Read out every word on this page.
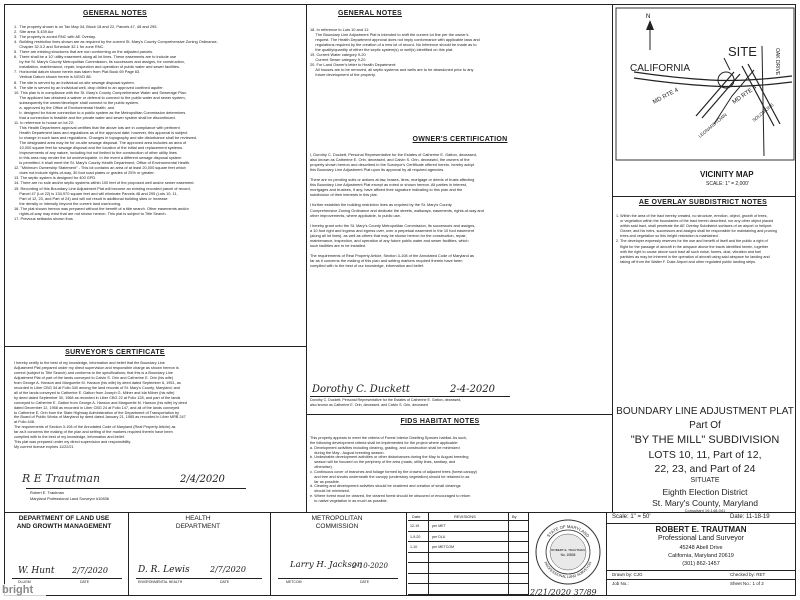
GENERAL NOTES
1.  The property shown is on Tax Map 34, Block 18 and 22, Parcels 47, 48 and 295.
2.  Site area: 5.439 Acr
3.  The property is zoned RNC with AE Overlay.
4.  Building restriction lines shown are as required by the current St. Mary's County Comprehensive Zoning Ordinance,
Chapter 32.3.2 and Schedule 32.1 for zone RNC.
5.  There are existing structures that are non conforming on the adjusted parcels.
6.  There shall be a 10' utility easement along all lot lines. These easements are to include use
by the St. Mary's County Metropolitan Commission, its successors and assigns, for construction,
installation, maintenance, repair, inspection and operation of public water and sewer facilities.
7.  Horizontal datum shown herein was taken from Plat Book 69 Page 63.
Vertical Datum shown herein is NGVD 88.
8.  The site is served by an individual on-site sewage disposal system.
9.  The site is served by an individual well, drop drilled to an approved confined aquifer.
10. This plan is in compliance with the St. Mary's County Comprehensive Water and Sewerage Plan.
The applicant has obtained a waiver or deferral to connect to the public water and sewer system,
subsequently the owner/developer shall connect to the public system.
a. approved by the Office of Environmental Health; and
b. designed for future connection to a public system as the Metropolitan Commission determines
that a connection is feasible and the private water and sewer system shall be discontinued.
11. In reference to house on lot 22:
This Health Department approval certifies that the above lots are in compliance with pertinent
Health Department laws and regulations as of the approval date; however, this approval is subject
to change in such laws and regulations. Changes in topography and site disturbance shall be reviewed.
The designated area may be for on-site sewage disposal. The approved area includes an area of
10,000 square feet for sewage disposal and the location of the initial and replacement systems.
Improvements of any nature, including but not limited to the construction of other utility lines
in this area may render the lot undevelopable. In the event a different sewage disposal system
is permitted, it shall meet the St. Mary's County Health Department, Office of Environmental Health.
12. "Minimum Ownership Statement" - This lot contains an area of at least 20,000 square feet which
does not include rights-of-way, 30 foot road plates or grades of 25% or greater.
13. The septic system is designed for 400 GPD.
14. There are no sole and/or septic systems within 100 feet of the proposed well and/or sewer easement.
15. Recording of this Boundary Line Adjustment Plat will become an existing recorded parcel of record,
Parcel 47 (Lot 22) is 134,970 square feet and will eliminate Parcels 48 and 295 (Lots 10, 11,
Part of 12, 23, and Part of 24) and will not result in additional building sites or increase
the density or intensity beyond the current land use/zoning.
16. The plat shown hereon was prepared without the benefit of a title search. Other easements and/or
rights-of-way may exist that are not shown hereon. This plat is subject to Title Search.
17. Previous setbacks shown thus
SURVEYOR'S CERTIFICATE
I hereby certify to the best of my knowledge, information and belief that the Boundary Line
Adjustment Plat prepared under my direct supervision and responsible charge as shown hereon is
correct (subject to Title Search) and conforms to the specifications; that this is a Boundary Line
Adjustment Plat of part of the lands conveyed to Calvin S. Orin and Catherine E. Orin (his wife)
from George A. Hanson and Marguerite M. Hanson (his wife) by deed dated September 6, 1951, as
recorded in Liber CBG 34 at Folio 340 among the land records of St. Mary's County, Maryland; and
all of the lands conveyed to Catherine E. Gatton from Joseph G. Milner and Ida Milner (his wife)
by deed dated September 30, 1968 as recorded in Liber CBG 22 at Folio 128, and part of the lands
conveyed to Catherine E. Gatton from George A. Hanson and Marguerite M. Hanson (his wife) by deed
dated December 12, 1958 as recorded in Liber CBG 24 at Folio 147, and all of the lands conveyed
to Catherine E. Orin from the State Highway Administration of the Department of Transportation by
the Board of Public Works of Maryland by deed dated January 21, 1985 as recorded in Liber MRB 247
at Folio 448.
The requirements of Section 3-108 of the Annotated Code of Maryland (Real Property Article) as
far as it concerns the making of the plan and setting of the markers required therein have been
complied with to the best of my knowledge, information and belief.
This plat was prepared under my direct supervision and responsibility.
My current license expires 11/22/21
R E Trautman	2/4/2020
Robert E. Trautman
Maryland Professional Land Surveyor #10836
GENERAL NOTES
18. In reference to Lots 10 and 11:
The Boundary Line Adjustment Plat is intended to shift the current lot line per the owner's
request. The Health Department approval does not imply conformance with applicable laws and
regulations required by the creation of a new lot of record. No Inference should be made as to
the quality/quantity of either the septic system(s) or well(s) identified on this plat.
19. Current Water category 9-20
Current Sewer category 9-20
20. For Land Owner's letter to Health Department:
All houses are to be removed, all septic systems and wells are to be abandoned prior to any
future development of the property.
OWNER'S CERTIFICATION
I, Dorothy C. Duckett, Personal Representative for the Estates of Catherine E. Gatton, deceased,
also known as Catherine E. Orin, deceased, and Calvin S. Orin, deceased, the owners of the
property shown hereon and described in the Surveyor's Certificate offered hereto, hereby adopt
this Boundary Line Adjustment Plat upon its approval by all required agencies.

There are no pending suits or actions at law, leases, liens, mortgage or deeds of trusts affecting
this Boundary Line Adjustment Plat except as noted or shown hereon. All parties in interest,
mortgages and trustees, if any, have affixed their signature indicating to this plan and the
subdivision of their interests in this plat.

I further establish the building restriction lines as required by the St. Mary's County
Comprehensive Zoning Ordinance and dedicate the streets, walkways, easements, rights-of-way and
other improvements, where applicable, to public use.

I hereby grant unto the St. Mary's County Metropolitan Commission, its successors and assigns,
a 10 foot right and ingress and egress over, over a perpetual easement in the 10 foot easement
(along all lot lines), as well as others that may be shown hereon for the construction, repair,
maintenance, inspection, and operation of any future public water and sewer facilities, which
such facilities are to be installed.

The requirements of Real Property Article, Section 3-108 of the Annotated Code of Maryland as
far as it concerns the making of this plan and setting markers required therein have been
complied with to the best of our knowledge, information and belief.
Dorothy C. Duckett	2-4-2020
Dorothy C. Duckett, Personal Representative for the Estates of Catherine E. Gatton, deceased,
also known as Catherine E. Orin, deceased, and Calvin S. Orin, deceased
FIDS HABITAT NOTES
This property appears to meet the criteria of Forest Interior Dwelling Species habitat. As such,
the following development criteria shall be implemented for the project where applicable:
a. Development activities including clearing, grading, and construction shall be minimized
during the May - August breeding season.
b. Undesirable development activities or other disturbances during the May to August breeding
season will be focused on the periphery of the area (roads, utility lines, sanitary, and
otherwise).
c. Continuous cover of branches and foliage formed by the crowns of adjacent trees (forest canopy)
and tree and shrubs underneath the canopy (understory vegetation) should be retained in as
far as possible.
d. Clearing and development activities should be clustered and creation of small clearings
should be minimized.
e. Where forest must be cleared, the cleared forest should be obscured or encouraged to return
to native vegetation in as much as possible.
N
SITE
CALIFORNIA
MD RTE 4	MD RTE 4
LEONARDTOWN	SOLOMONS
OAK DRIVE
VICINITY MAP
SCALE: 1" = 2,000'
AE OVERLAY SUBDISTRICT NOTES
1. Within the area of the tract hereby created, no structure, erection, object, growth of trees,
or vegetation within the boundaries of the tract herein described, nor any other object placed
within said tract, shall penetrate the AE Overlay Subdistrict surfaces of an airport or heliport.
Owner, and his heirs, successors and assigns shall be responsible for maintaining and pruning
trees and vegetation so this height restriction is maintained.
2. The developer expressly reserves for the use and benefit of itself and the public a right of
flight for the passage of aircraft in the airspace above the tracts identified herein, together
with the right to cause above such tract all such noise, fumes, dust, vibration and fuel
particles as may be inherent in the operation of aircraft using said airspace for landing and
taking off from the Walter F. Duke Airport and other regulated public landing strips.
BOUNDARY LINE ADJUSTMENT PLAT
Part Of
"BY THE MILL" SUBDIVISION
LOTS 10, 11, Part of 12,
22, 23, and Part of 24
SITUATE
Eighth Election District
St. Mary's County, Maryland
Consultant 19-148-041
DEPARTMENT OF LAND USE
AND GROWTH MANAGEMENT
W. Hunt 2/7/2020
DLUGM	DATE
HEALTH
DEPARTMENT
D. R. Lewis	2/7/2020
ENVIRONMENTAL HEALTH	DATE
METROPOLITAN
COMMISSION
Larry H. Jackson
2-10-2020
METCOM	DATE
Date	REVISIONS	By
12-19	per MET
1-9-20	per DLU
1-10	per METCOM
STATE OF MARYLAND
PROFESSIONAL LAND SURVEYOR
ROBERT E. TRAUTMAN
No. 10836
Scale: 1" = 50'	Date: 11-18-19
ROBERT E. TRAUTMAN
Professional Land Surveyor
45248 Abell Drive
California, Maryland 20619
(301) 862-1457
Drawn by: CJG	Checked by: RET
Job No.:	Sheet No.: 1 of 2
2/21/2020 37/89
bright
